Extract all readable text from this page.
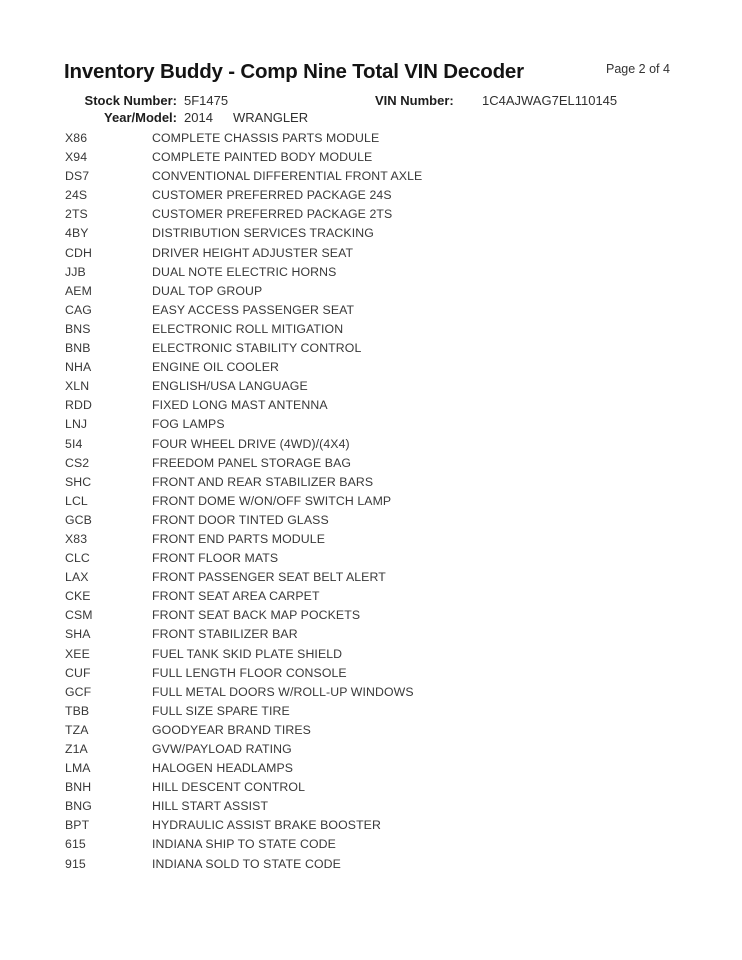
Inventory Buddy - Comp Nine Total VIN Decoder	Page 2 of 4
Stock Number: 5F1475	VIN Number: 1C4AJWAG7EL110145
Year/Model: 2014 WRANGLER
X86	COMPLETE CHASSIS PARTS MODULE
X94	COMPLETE PAINTED BODY MODULE
DS7	CONVENTIONAL DIFFERENTIAL FRONT AXLE
24S	CUSTOMER PREFERRED PACKAGE 24S
2TS	CUSTOMER PREFERRED PACKAGE 2TS
4BY	DISTRIBUTION SERVICES TRACKING
CDH	DRIVER HEIGHT ADJUSTER SEAT
JJB	DUAL NOTE ELECTRIC HORNS
AEM	DUAL TOP GROUP
CAG	EASY ACCESS PASSENGER SEAT
BNS	ELECTRONIC ROLL MITIGATION
BNB	ELECTRONIC STABILITY CONTROL
NHA	ENGINE OIL COOLER
XLN	ENGLISH/USA LANGUAGE
RDD	FIXED LONG MAST ANTENNA
LNJ	FOG LAMPS
5I4	FOUR WHEEL DRIVE (4WD)/(4X4)
CS2	FREEDOM PANEL STORAGE BAG
SHC	FRONT AND REAR STABILIZER BARS
LCL	FRONT DOME W/ON/OFF SWITCH LAMP
GCB	FRONT DOOR TINTED GLASS
X83	FRONT END PARTS MODULE
CLC	FRONT FLOOR MATS
LAX	FRONT PASSENGER SEAT BELT ALERT
CKE	FRONT SEAT AREA CARPET
CSM	FRONT SEAT BACK MAP POCKETS
SHA	FRONT STABILIZER BAR
XEE	FUEL TANK SKID PLATE SHIELD
CUF	FULL LENGTH FLOOR CONSOLE
GCF	FULL METAL DOORS W/ROLL-UP WINDOWS
TBB	FULL SIZE SPARE TIRE
TZA	GOODYEAR BRAND TIRES
Z1A	GVW/PAYLOAD RATING
LMA	HALOGEN HEADLAMPS
BNH	HILL DESCENT CONTROL
BNG	HILL START ASSIST
BPT	HYDRAULIC ASSIST BRAKE BOOSTER
615	INDIANA SHIP TO STATE CODE
915	INDIANA SOLD TO STATE CODE
